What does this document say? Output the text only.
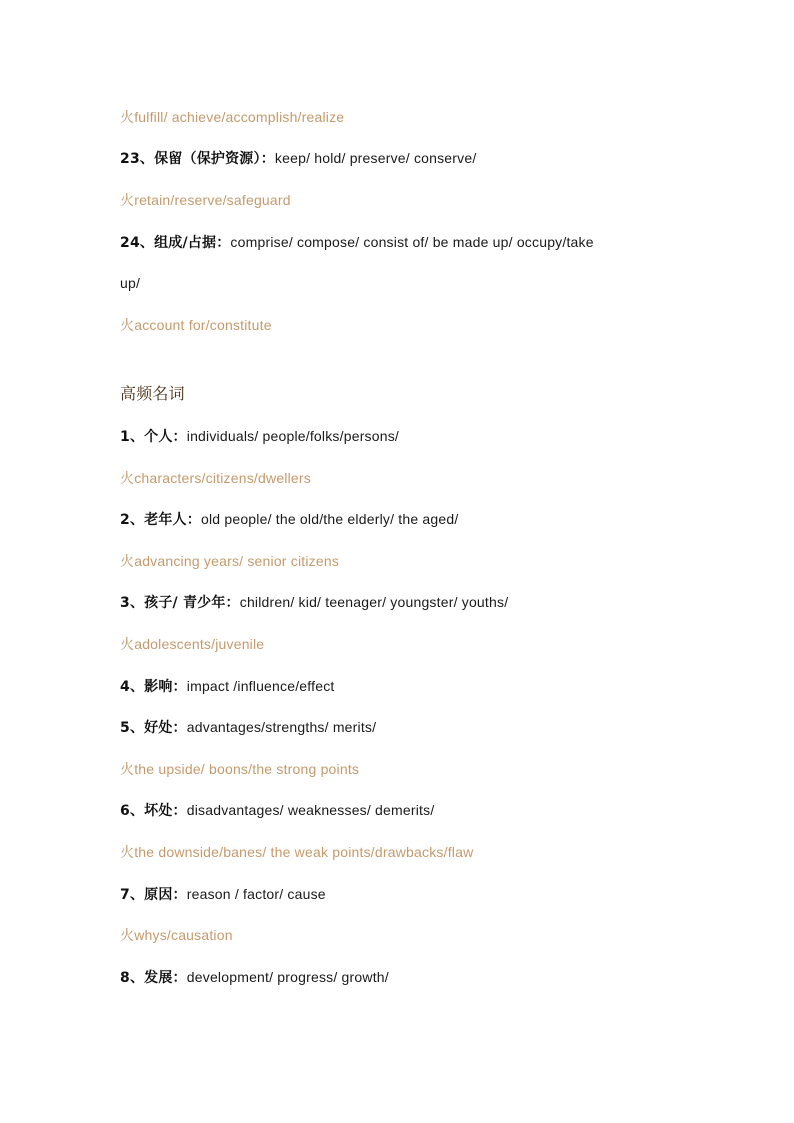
火fulfill/ achieve/accomplish/realize
23、保留（保护资源）：keep/ hold/ preserve/ conserve/
火retain/reserve/safeguard
24、组成/占据：comprise/ compose/ consist of/ be made up/ occupy/take
up/
火account for/constitute
高频名词
1、个人：individuals/ people/folks/persons/
火characters/citizens/dwellers
2、老年人：old people/ the old/the elderly/ the aged/
火advancing years/ senior citizens
3、孩子/ 青少年：children/ kid/ teenager/ youngster/ youths/
火adolescents/juvenile
4、影响：impact /influence/effect
5、好处：advantages/strengths/ merits/
火the upside/ boons/the strong points
6、坏处：disadvantages/ weaknesses/ demerits/
火the downside/banes/ the weak points/drawbacks/flaw
7、原因：reason / factor/ cause
火whys/causation
8、发展：development/ progress/ growth/
